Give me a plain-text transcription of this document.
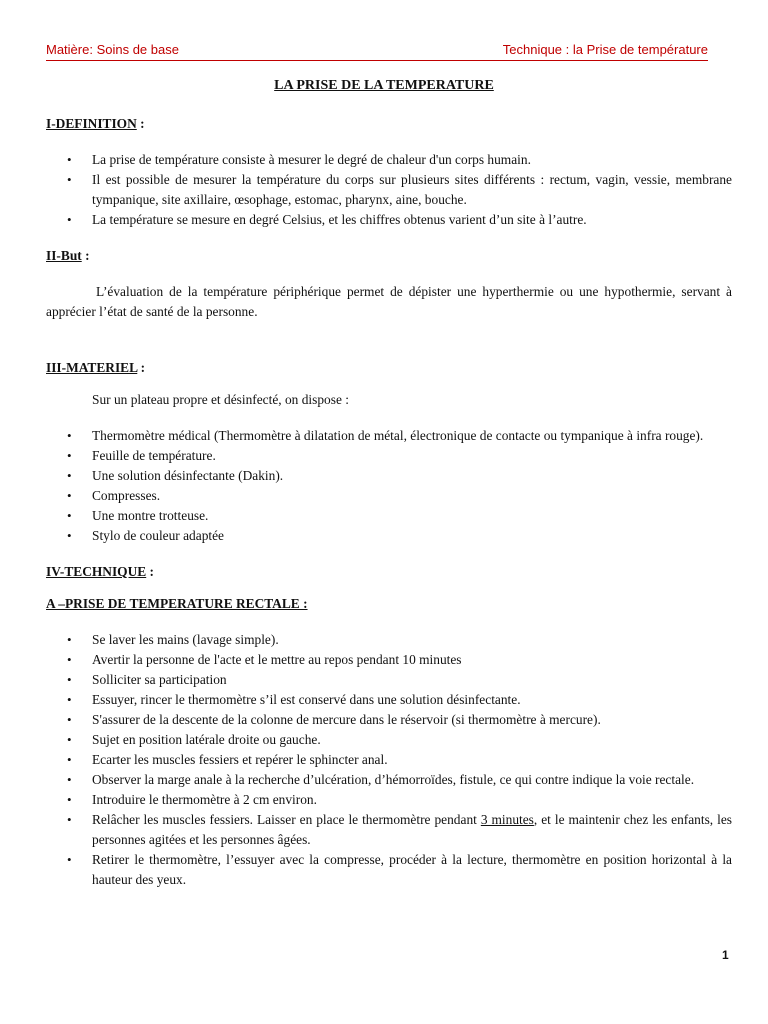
Matière: Soins de base	Technique : la Prise de température
LA PRISE DE LA TEMPERATURE

I-DEFINITION :

• La prise de température consiste à mesurer le degré de chaleur d'un corps humain.
• Il est possible de mesurer la température du corps sur plusieurs sites différents : rectum, vagin, vessie, membrane tympanique, site axillaire, œsophage, estomac, pharynx, aine, bouche.
• La température se mesure en degré Celsius, et les chiffres obtenus varient d’un site à l’autre.

II-But :

L’évaluation de la température périphérique permet de dépister une hyperthermie ou une hypothermie, servant à apprécier l’état de santé de la personne.

III-MATERIEL :

Sur un plateau propre et désinfecté, on dispose :

• Thermomètre médical (Thermomètre à dilatation de métal, électronique de contacte ou tympanique à infra rouge).
• Feuille de température.
• Une solution désinfectante (Dakin).
• Compresses.
• Une montre trotteuse.
• Stylo de couleur adaptée

IV-TECHNIQUE :

A –PRISE DE TEMPERATURE RECTALE :

• Se laver les mains (lavage simple).
• Avertir la personne de l'acte et le mettre au repos pendant 10 minutes
• Solliciter sa participation
• Essuyer, rincer le thermomètre s’il est conservé dans une solution désinfectante.
• S'assurer de la descente de la colonne de mercure dans le réservoir (si thermomètre à mercure).
• Sujet en position latérale droite ou gauche.
• Ecarter les muscles fessiers et repérer le sphincter anal.
• Observer la marge anale à la recherche d’ulcération, d’hémorroïdes, fistule, ce qui contre indique la voie rectale.
• Introduire le thermomètre à 2 cm environ.
• Relâcher les muscles fessiers. Laisser en place le thermomètre pendant 3 minutes, et le maintenir chez les enfants, les personnes agitées et les personnes âgées.
• Retirer le thermomètre, l’essuyer avec la compresse, procéder à la lecture, thermomètre en position horizontal à la hauteur des yeux.
1
